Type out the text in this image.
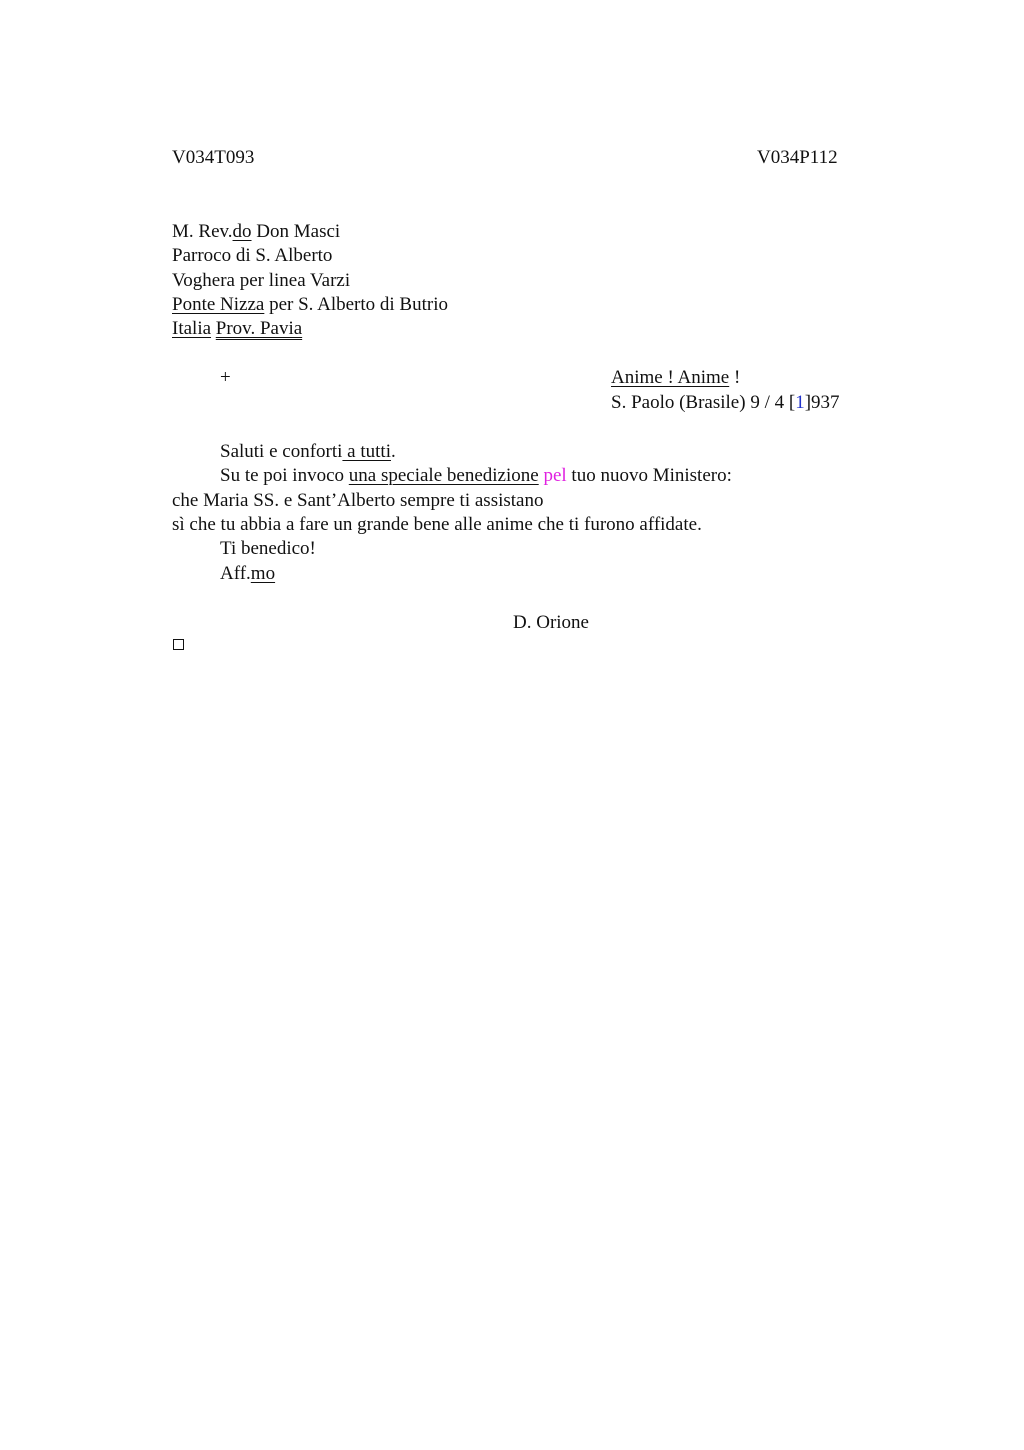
V034T093	V034P112
M. Rev.do Don Masci
Parroco di S. Alberto
Voghera per linea Varzi
Ponte Nizza per S. Alberto di Butrio
Italia Prov. Pavia
+	Anime ! Anime !
S. Paolo (Brasile) 9 / 4 [1]937
Saluti e conforti a tutti.
Su te poi invoco una speciale benedizione pel tuo nuovo Ministero:
che Maria SS. e Sant’Alberto sempre ti assistano
sì che tu abbia a fare un grande bene alle anime che ti furono affidate.
Ti benedico!
Aff.mo
D. Orione
